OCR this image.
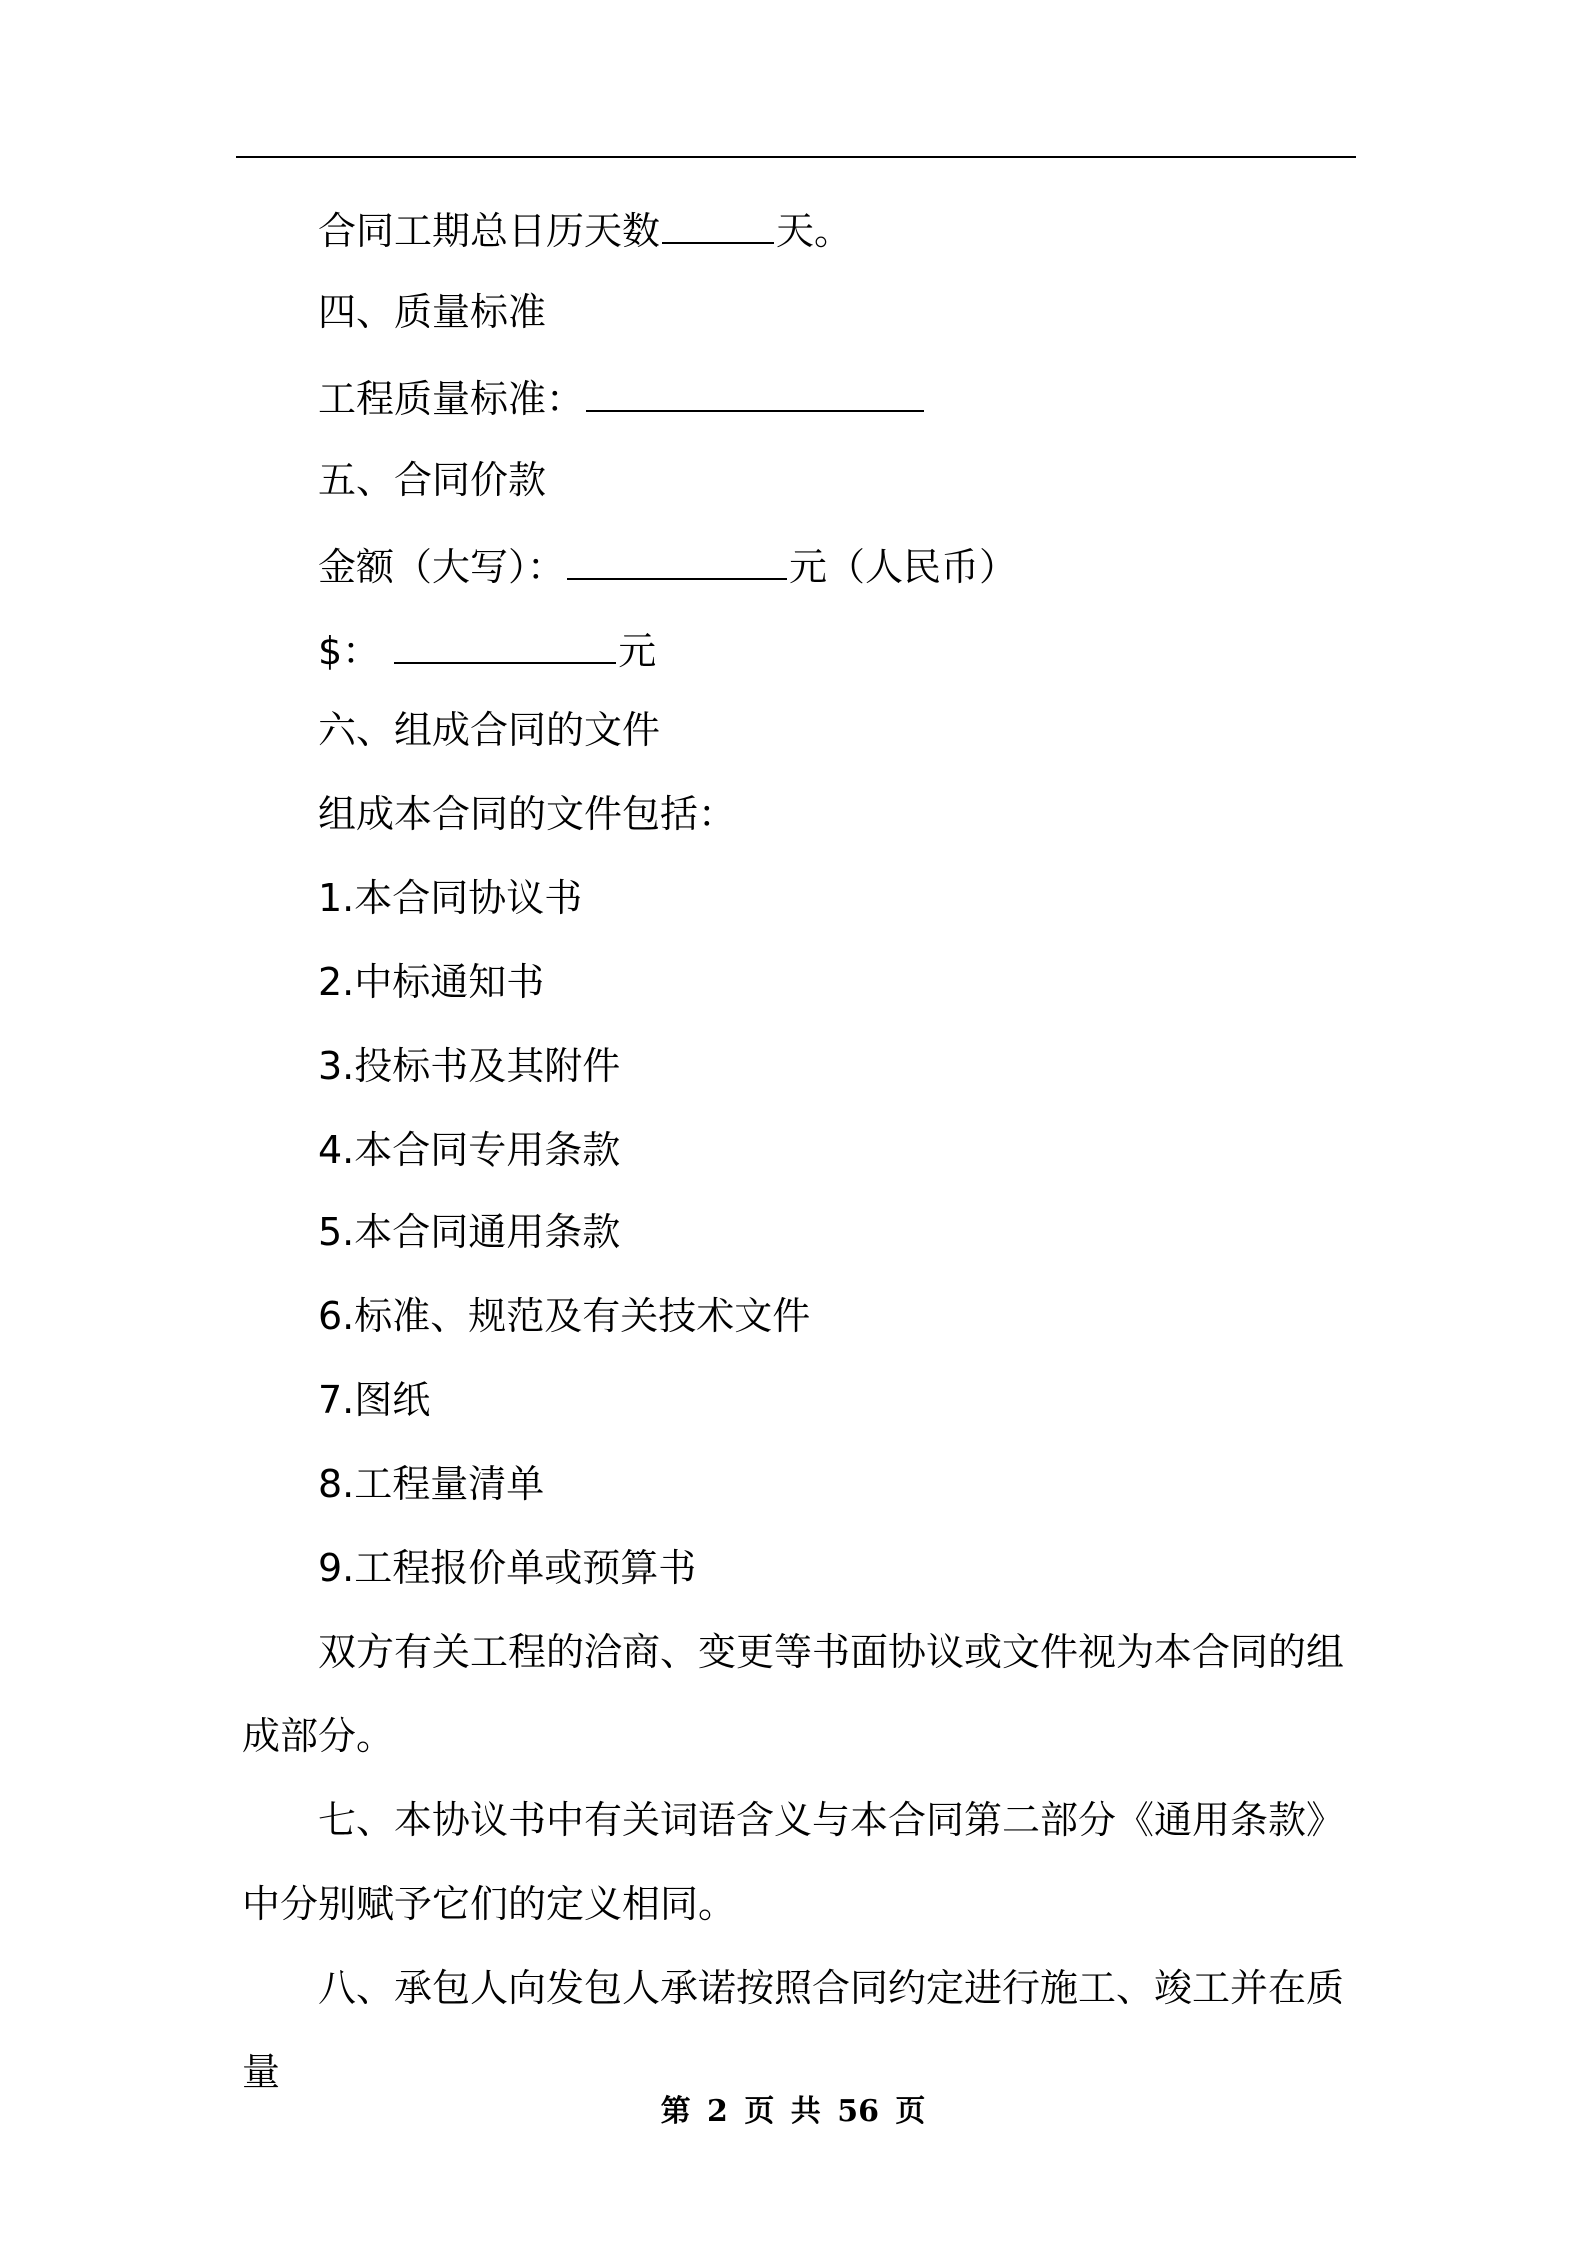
合同工期总日历天数	天。
四、质量标准
工程质量标准：
五、合同价款
金额（大写）：	元（人民币）
$：	元
六、组成合同的文件
组成本合同的文件包括：
1.本合同协议书
2.中标通知书
3.投标书及其附件
4.本合同专用条款
5.本合同通用条款
6.标准、规范及有关技术文件
7.图纸
8.工程量清单
9.工程报价单或预算书
双方有关工程的洽商、变更等书面协议或文件视为本合同的组成部分。
七、本协议书中有关词语含义与本合同第二部分《通用条款》中分别赋予它们的定义相同。
八、承包人向发包人承诺按照合同约定进行施工、竣工并在质量
第 2 页 共 56 页
